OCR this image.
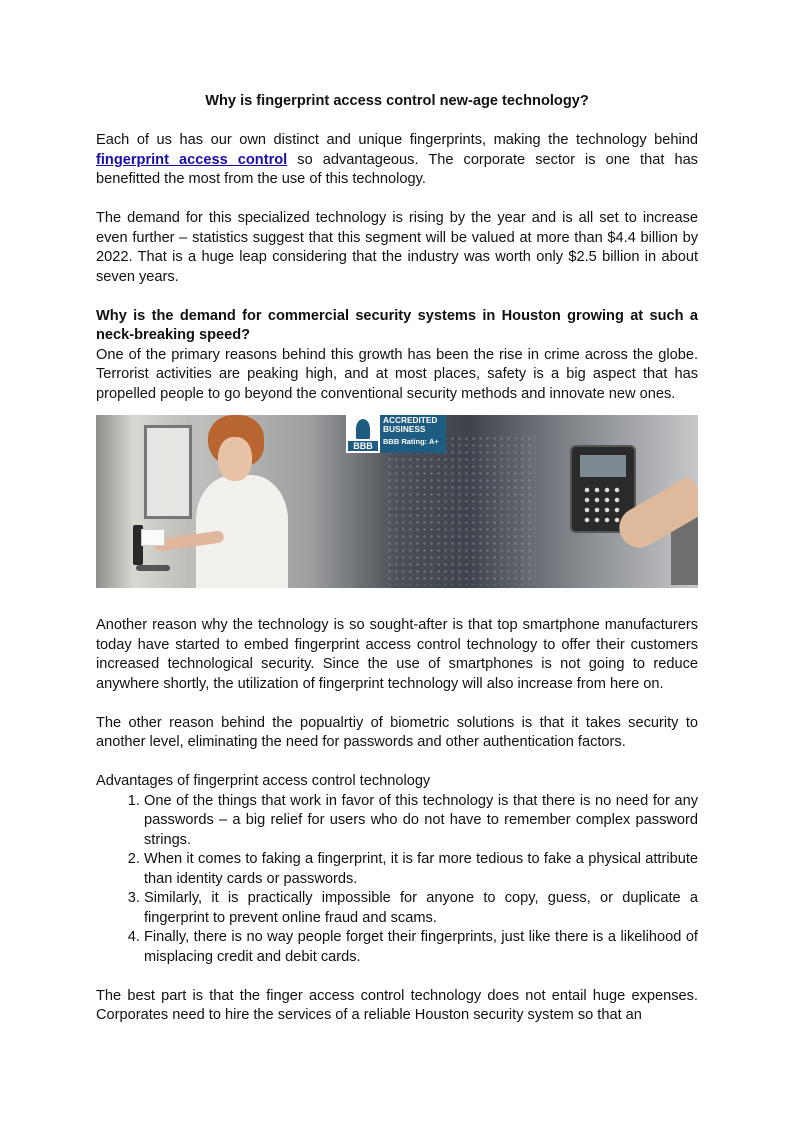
Why is fingerprint access control new-age technology?

Each of us has our own distinct and unique fingerprints, making the technology behind fingerprint access control so advantageous. The corporate sector is one that has benefitted the most from the use of this technology.

The demand for this specialized technology is rising by the year and is all set to increase even further – statistics suggest that this segment will be valued at more than $4.4 billion by 2022. That is a huge leap considering that the industry was worth only $2.5 billion in about seven years.

Why is the demand for commercial security systems in Houston growing at such a neck-breaking speed?

One of the primary reasons behind this growth has been the rise in crime across the globe. Terrorist activities are peaking high, and at most places, safety is a big aspect that has propelled people to go beyond the conventional security methods and innovate new ones.

BBB
ACCREDITED
BUSINESS
BBB Rating: A+

Another reason why the technology is so sought-after is that top smartphone manufacturers today have started to embed fingerprint access control technology to offer their customers increased technological security. Since the use of smartphones is not going to reduce anywhere shortly, the utilization of fingerprint technology will also increase from here on.

The other reason behind the popualrtiy of biometric solutions is that it takes security to another level, eliminating the need for passwords and other authentication factors.

Advantages of fingerprint access control technology

1. One of the things that work in favor of this technology is that there is no need for any passwords – a big relief for users who do not have to remember complex password strings.
2. When it comes to faking a fingerprint, it is far more tedious to fake a physical attribute than identity cards or passwords.
3. Similarly, it is practically impossible for anyone to copy, guess, or duplicate a fingerprint to prevent online fraud and scams.
4. Finally, there is no way people forget their fingerprints, just like there is a likelihood of misplacing credit and debit cards.

The best part is that the finger access control technology does not entail huge expenses. Corporates need to hire the services of a reliable Houston security system so that an
